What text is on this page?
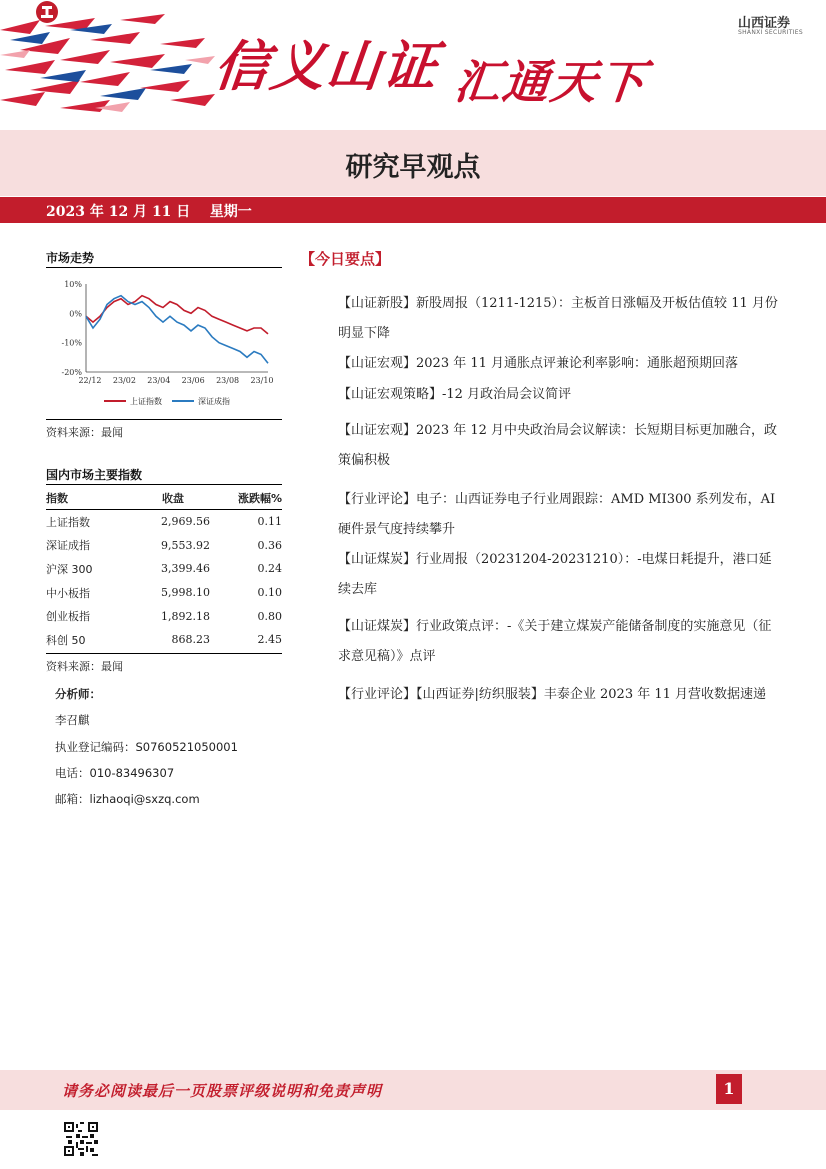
信义山证 汇通天下
山西证券
SHANXI SECURITIES
研究早观点
2023 年 12 月 11 日    星期一
市场走势
10%
0%
-10%
-20%
22/12 23/02 23/04 23/06 23/08 23/10
上证指数	深证成指
资料来源：最闻
国内市场主要指数
指数	收盘	涨跌幅%
上证指数	2,969.56	0.11
深证成指	9,553.92	0.36
沪深 300	3,399.46	0.24
中小板指	5,998.10	0.10
创业板指	1,892.18	0.80
科创 50	868.23	2.45
资料来源：最闻
分析师：
李召麒
执业登记编码：S0760521050001
电话：010-83496307
邮箱：lizhaoqi@sxzq.com
【今日要点】
【山证新股】新股周报（1211-1215）：主板首日涨幅及开板估值较 11 月份明显下降
【山证宏观】2023 年 11 月通胀点评兼论利率影响：通胀超预期回落
【山证宏观策略】-12 月政治局会议简评
【山证宏观】2023 年 12 月中央政治局会议解读：长短期目标更加融合，政策偏积极
【行业评论】电子：山西证券电子行业周跟踪：AMD MI300 系列发布，AI 硬件景气度持续攀升
【山证煤炭】行业周报（20231204-20231210）：-电煤日耗提升，港口延续去库
【山证煤炭】行业政策点评：-《关于建立煤炭产能储备制度的实施意见（征求意见稿）》点评
【行业评论】【山西证券|纺织服装】丰泰企业 2023 年 11 月营收数据速递
请务必阅读最后一页股票评级说明和免责声明	1
